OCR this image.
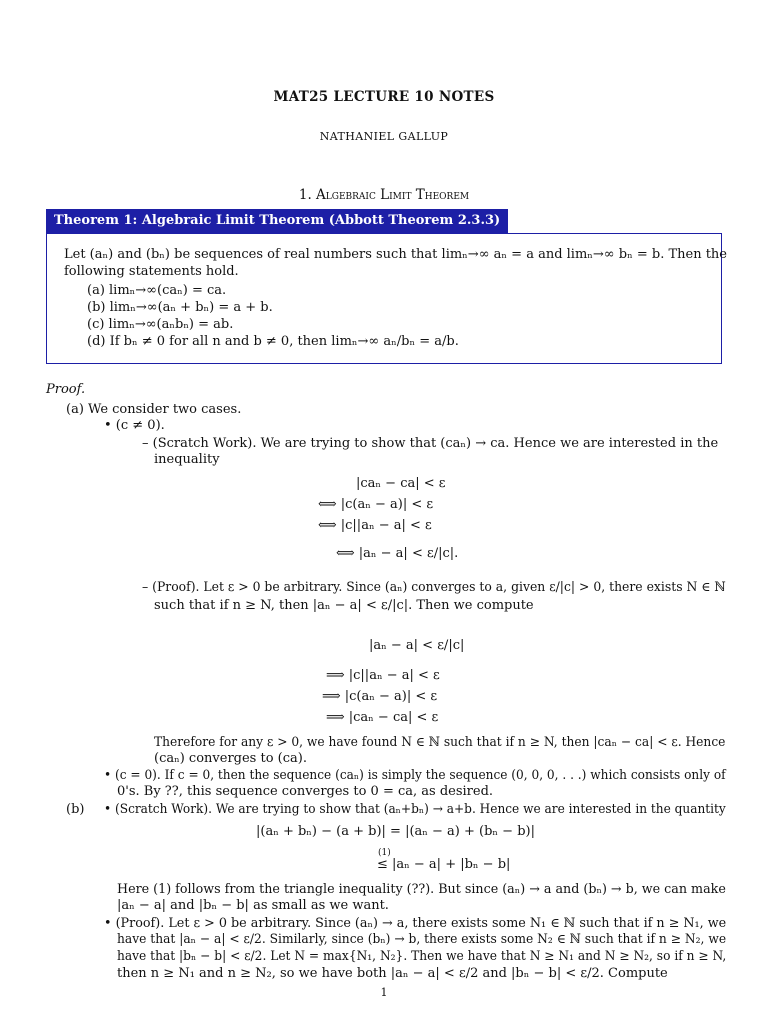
MAT25 LECTURE 10 NOTES
NATHANIEL GALLUP
1. Algebraic Limit Theorem
Theorem 1: Algebraic Limit Theorem (Abbott Theorem 2.3.3)
Let (aₙ) and (bₙ) be sequences of real numbers such that limₙ→∞ aₙ = a and limₙ→∞ bₙ = b. Then the
following statements hold.
(a) limₙ→∞(caₙ) = ca.
(b) limₙ→∞(aₙ + bₙ) = a + b.
(c) limₙ→∞(aₙbₙ) = ab.
(d) If bₙ ≠ 0 for all n and b ≠ 0, then limₙ→∞ aₙ/bₙ = a/b.
Proof.
(a) We consider two cases.
• (c ≠ 0).
– (Scratch Work). We are trying to show that (caₙ) → ca. Hence we are interested in the
inequality
|caₙ − ca| < ε
⟺ |c(aₙ − a)| < ε
⟺ |c||aₙ − a| < ε
⟺ |aₙ − a| < ε/|c|.
– (Proof). Let ε > 0 be arbitrary. Since (aₙ) converges to a, given ε/|c| > 0, there exists N ∈ ℕ
such that if n ≥ N, then |aₙ − a| < ε/|c|. Then we compute
|aₙ − a| < ε/|c|
⟹ |c||aₙ − a| < ε
⟹ |c(aₙ − a)| < ε
⟹ |caₙ − ca| < ε
Therefore for any ε > 0, we have found N ∈ ℕ such that if n ≥ N, then |caₙ − ca| < ε. Hence
(caₙ) converges to (ca).
• (c = 0). If c = 0, then the sequence (caₙ) is simply the sequence (0, 0, 0, . . .) which consists only of
0's. By ??, this sequence converges to 0 = ca, as desired.
(b) • (Scratch Work). We are trying to show that (aₙ+bₙ) → a+b. Hence we are interested in the quantity
|(aₙ + bₙ) − (a + b)| = |(aₙ − a) + (bₙ − b)|
(1)
≤ |aₙ − a| + |bₙ − b|
Here (1) follows from the triangle inequality (??). But since (aₙ) → a and (bₙ) → b, we can make
|aₙ − a| and |bₙ − b| as small as we want.
• (Proof). Let ε > 0 be arbitrary. Since (aₙ) → a, there exists some N₁ ∈ ℕ such that if n ≥ N₁, we
have that |aₙ − a| < ε/2. Similarly, since (bₙ) → b, there exists some N₂ ∈ ℕ such that if n ≥ N₂, we
have that |bₙ − b| < ε/2. Let N = max{N₁, N₂}. Then we have that N ≥ N₁ and N ≥ N₂, so if n ≥ N,
then n ≥ N₁ and n ≥ N₂, so we have both |aₙ − a| < ε/2 and |bₙ − b| < ε/2. Compute
1
